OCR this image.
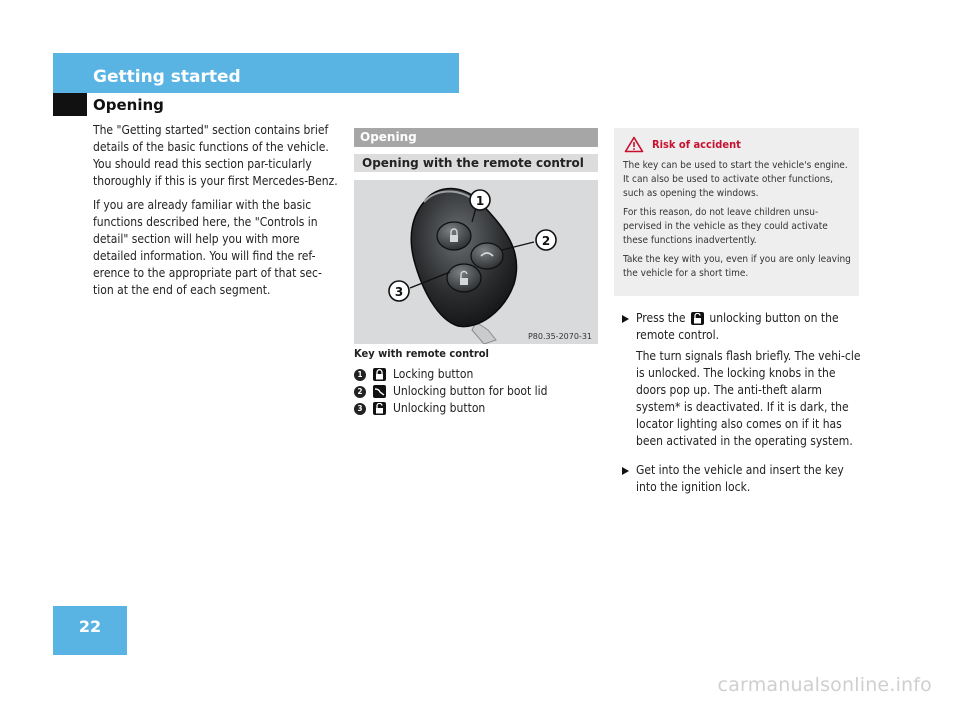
Getting started
Opening

The "Getting started" section contains brief details of the basic functions of the vehicle. You should read this section par-ticularly thoroughly if this is your first Mercedes-Benz.

If you are already familiar with the basic functions described here, the "Controls in detail" section will help you with more detailed information. You will find the ref-erence to the appropriate part of that sec-tion at the end of each segment.

Opening
Opening with the remote control
1
2
3
P80.35-2070-31
Key with remote control
1	Locking button
2	Unlocking button for boot lid
3	Unlocking button
Risk of accident

The key can be used to start the vehicle's engine. It can also be used to activate other functions, such as opening the windows.

For this reason, do not leave children unsu-pervised in the vehicle as they could activate these functions inadvertently.

Take the key with you, even if you are only leaving the vehicle for a short time.

Press the unlocking button on the remote control.

The turn signals flash briefly. The vehi-cle is unlocked. The locking knobs in the doors pop up. The anti-theft alarm system* is deactivated. If it is dark, the locator lighting also comes on if it has been activated in the operating system.

Get into the vehicle and insert the key into the ignition lock.

22
carmanualsonline.info
